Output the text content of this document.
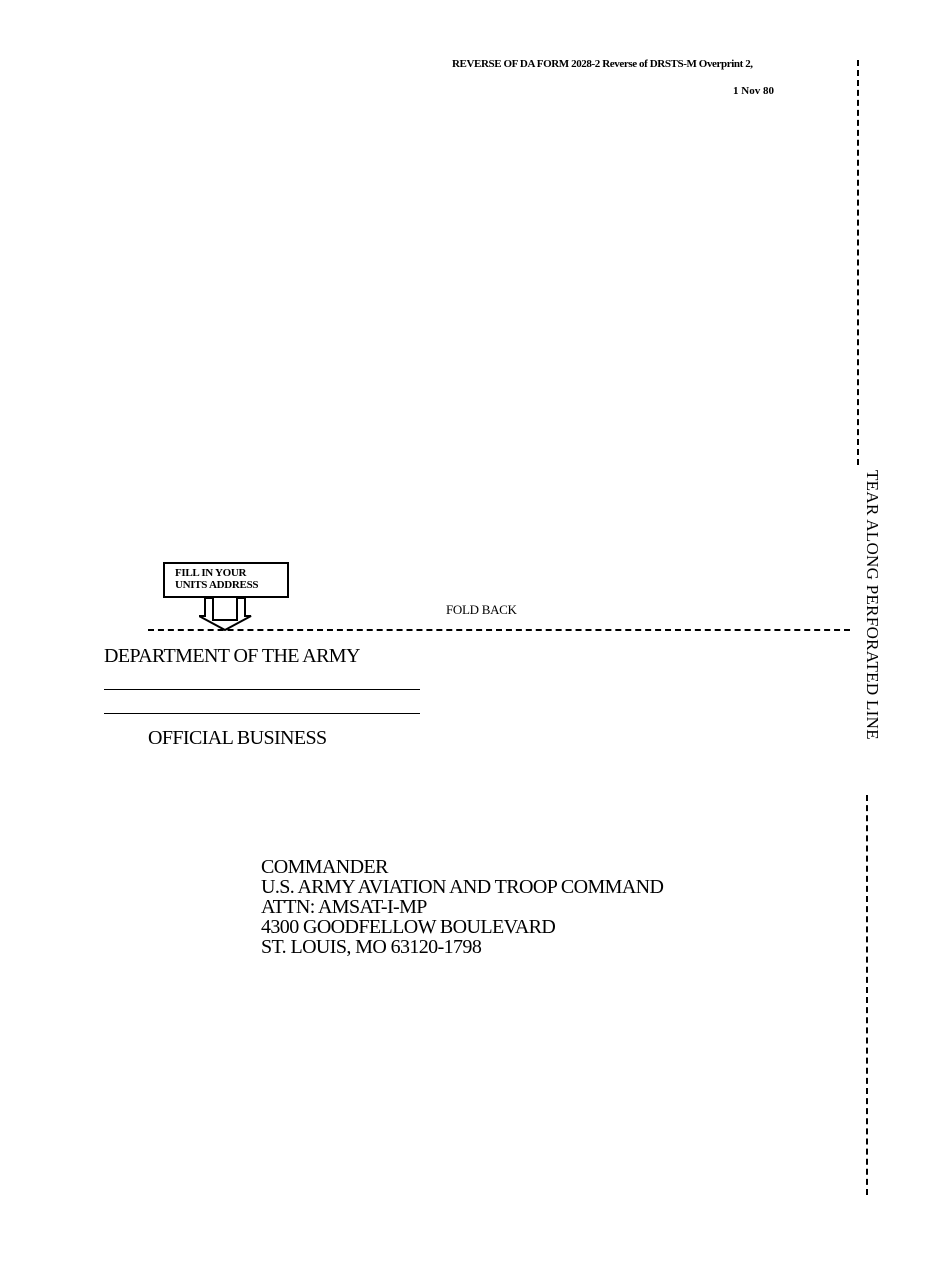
REVERSE OF DA FORM 2028-2 Reverse of DRSTS-M Overprint 2,
1 Nov 80
TEAR ALONG PERFORATED LINE
FILL IN YOUR
UNITS ADDRESS
FOLD BACK
DEPARTMENT OF THE ARMY
OFFICIAL BUSINESS
COMMANDER
U.S. ARMY AVIATION AND TROOP COMMAND
ATTN: AMSAT-I-MP
4300 GOODFELLOW BOULEVARD
ST. LOUIS, MO 63120-1798
